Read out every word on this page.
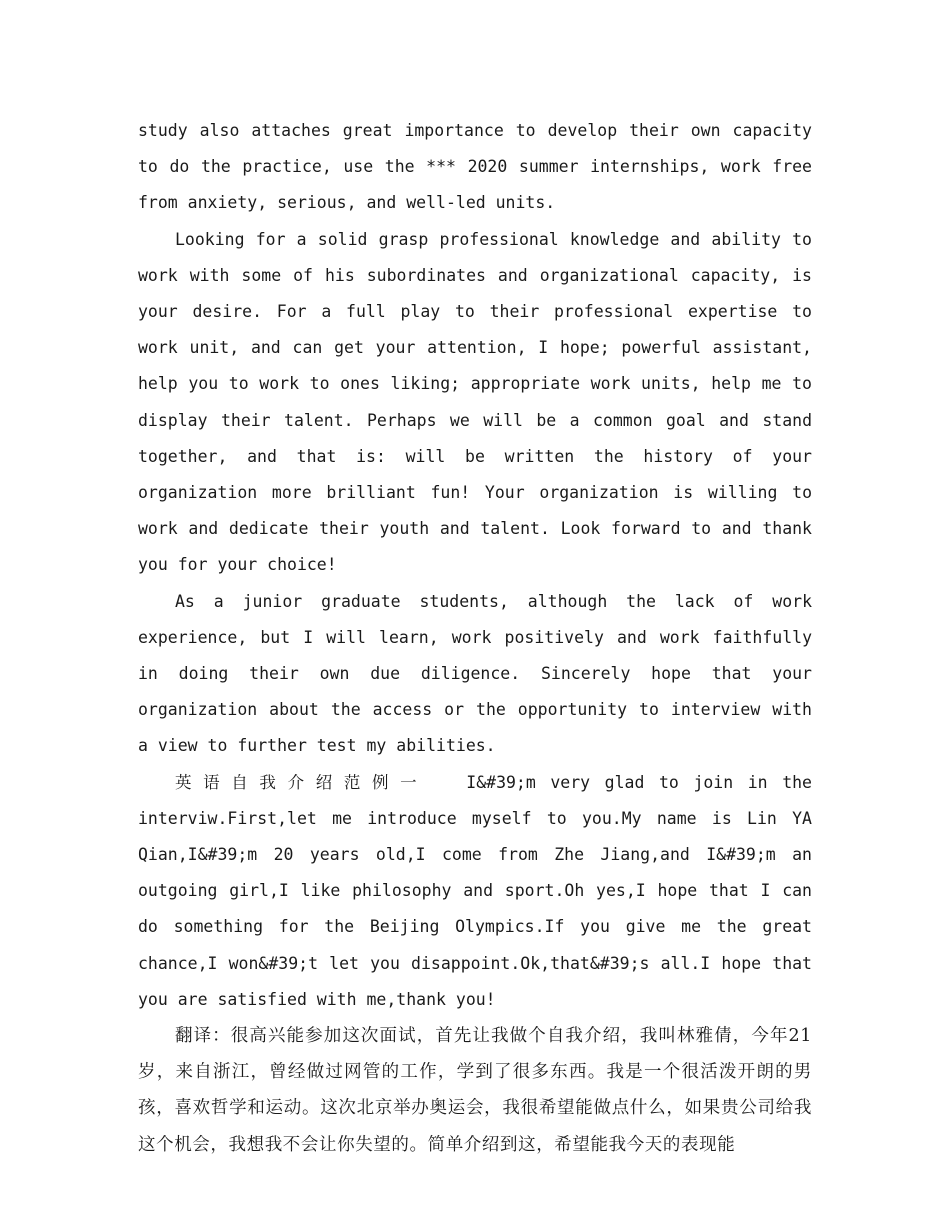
study also attaches great importance to develop their own capacity to do the practice, use the *** 2020 summer internships, work free from anxiety, serious, and well-led units.

Looking for a solid grasp professional knowledge and ability to work with some of his subordinates and organizational capacity, is your desire. For a full play to their professional expertise to work unit, and can get your attention, I hope; powerful assistant, help you to work to ones liking; appropriate work units, help me to display their talent. Perhaps we will be a common goal and stand together, and that is: will be written the history of your organization more brilliant fun! Your organization is willing to work and dedicate their youth and talent. Look forward to and thank you for your choice!

As a junior graduate students, although the lack of work experience, but I will learn, work positively and work faithfully in doing their own due diligence. Sincerely hope that your organization about the access or the opportunity to interview with a view to further test my abilities.

英语自我介绍范例一 I&#39;m very glad to join in the interviw.First,let me introduce myself to you.My name is Lin YA Qian,I&#39;m 20 years old,I come from Zhe Jiang,and I&#39;m an outgoing girl,I like philosophy and sport.Oh yes,I hope that I can do something for the Beijing Olympics.If you give me the great chance,I won&#39;t let you disappoint.Ok,that&#39;s all.I hope that you are satisfied with me,thank you!

翻译：很高兴能参加这次面试，首先让我做个自我介绍，我叫林雅倩，今年21岁，来自浙江，曾经做过网管的工作，学到了很多东西。我是一个很活泼开朗的男孩，喜欢哲学和运动。这次北京举办奥运会，我很希望能做点什么，如果贵公司给我这个机会，我想我不会让你失望的。简单介绍到这，希望能我今天的表现能
